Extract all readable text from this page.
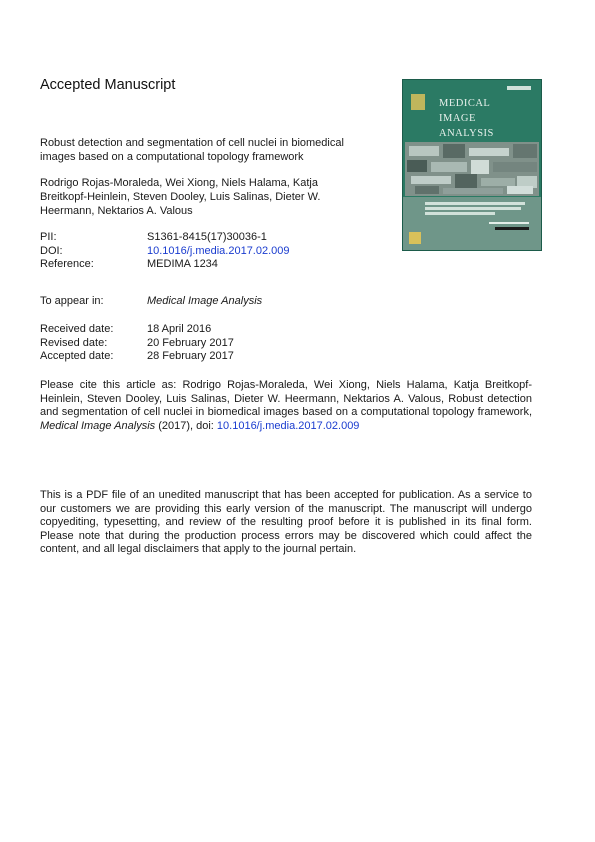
Accepted Manuscript
MEDICAL
IMAGE
ANALYSIS
Robust detection and segmentation of cell nuclei in biomedical images based on a computational topology framework
Rodrigo Rojas-Moraleda, Wei Xiong, Niels Halama, Katja Breitkopf-Heinlein, Steven Dooley, Luis Salinas, Dieter W. Heermann, Nektarios A. Valous
PII:	S1361-8415(17)30036-1
DOI:	10.1016/j.media.2017.02.009
Reference:	MEDIMA 1234
To appear in:	Medical Image Analysis
Received date:	18 April 2016
Revised date:	20 February 2017
Accepted date:	28 February 2017
Please cite this article as: Rodrigo Rojas-Moraleda, Wei Xiong, Niels Halama, Katja Breitkopf-Heinlein, Steven Dooley, Luis Salinas, Dieter W. Heermann, Nektarios A. Valous, Robust detection and segmentation of cell nuclei in biomedical images based on a computational topology framework, Medical Image Analysis (2017), doi: 10.1016/j.media.2017.02.009
This is a PDF file of an unedited manuscript that has been accepted for publication. As a service to our customers we are providing this early version of the manuscript. The manuscript will undergo copyediting, typesetting, and review of the resulting proof before it is published in its final form. Please note that during the production process errors may be discovered which could affect the content, and all legal disclaimers that apply to the journal pertain.
